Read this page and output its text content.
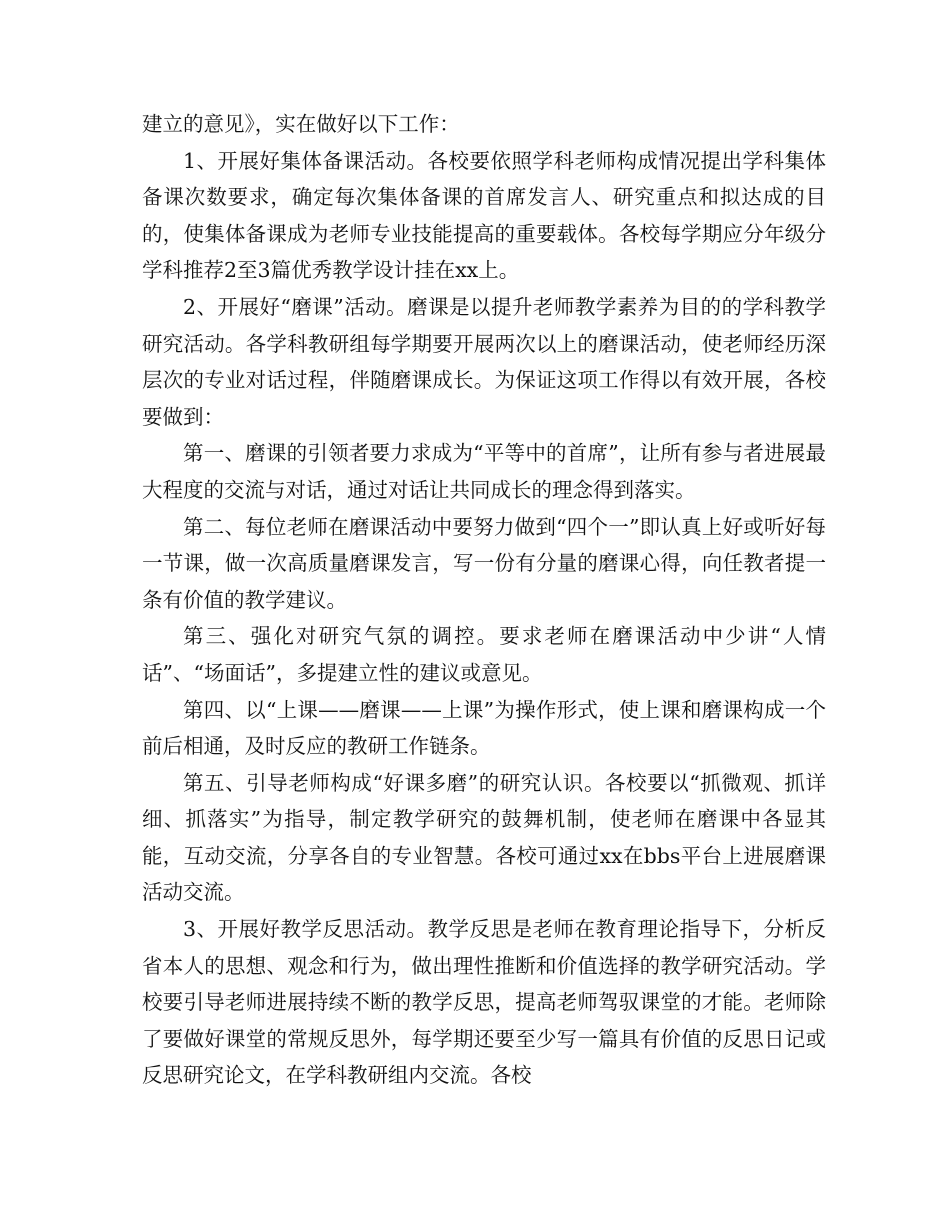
建立的意见》，实在做好以下工作：

1、开展好集体备课活动。各校要依照学科老师构成情况提出学科集体备课次数要求，确定每次集体备课的首席发言人、研究重点和拟达成的目的，使集体备课成为老师专业技能提高的重要载体。各校每学期应分年级分学科推荐2至3篇优秀教学设计挂在xx上。

2、开展好“磨课”活动。磨课是以提升老师教学素养为目的的学科教学研究活动。各学科教研组每学期要开展两次以上的磨课活动，使老师经历深层次的专业对话过程，伴随磨课成长。为保证这项工作得以有效开展，各校要做到：

第一、磨课的引领者要力求成为“平等中的首席”，让所有参与者进展最大程度的交流与对话，通过对话让共同成长的理念得到落实。

第二、每位老师在磨课活动中要努力做到“四个一”即认真上好或听好每一节课，做一次高质量磨课发言，写一份有分量的磨课心得，向任教者提一条有价值的教学建议。

第三、强化对研究气氛的调控。要求老师在磨课活动中少讲“人情话”、“场面话”，多提建立性的建议或意见。

第四、以“上课——磨课——上课”为操作形式，使上课和磨课构成一个前后相通，及时反应的教研工作链条。

第五、引导老师构成“好课多磨”的研究认识。各校要以“抓微观、抓详细、抓落实”为指导，制定教学研究的鼓舞机制，使老师在磨课中各显其能，互动交流，分享各自的专业智慧。各校可通过xx在bbs平台上进展磨课活动交流。

3、开展好教学反思活动。教学反思是老师在教育理论指导下，分析反省本人的思想、观念和行为，做出理性推断和价值选择的教学研究活动。学校要引导老师进展持续不断的教学反思，提高老师驾驭课堂的才能。老师除了要做好课堂的常规反思外，每学期还要至少写一篇具有价值的反思日记或反思研究论文，在学科教研组内交流。各校
